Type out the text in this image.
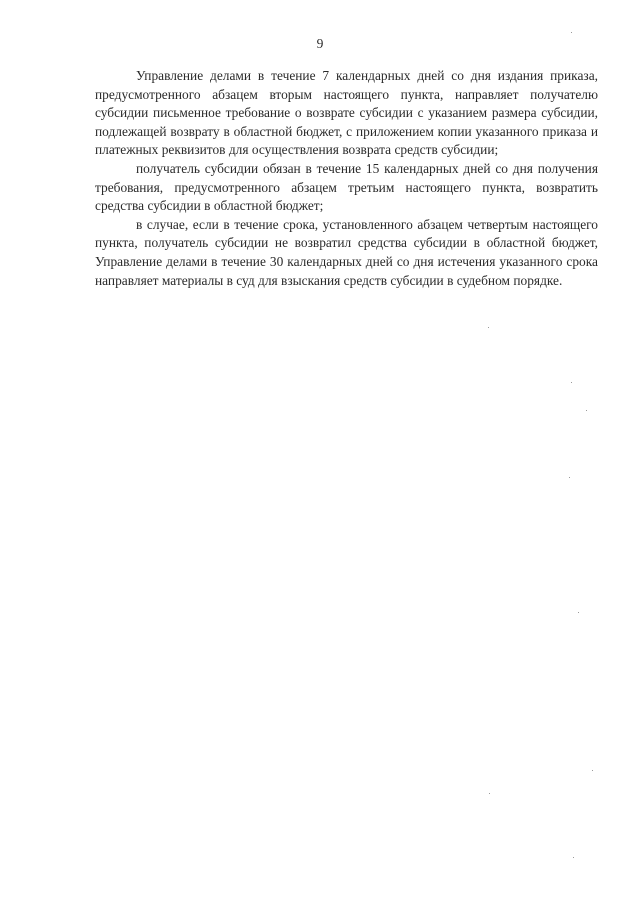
9

Управление делами в течение 7 календарных дней со дня издания приказа, предусмотренного абзацем вторым настоящего пункта, направляет получателю субсидии письменное требование о возврате субсидии с указанием размера субсидии, подлежащей возврату в областной бюджет, с приложением копии указанного приказа и платежных реквизитов для осуществления возврата средств субсидии;

получатель субсидии обязан в течение 15 календарных дней со дня получения требования, предусмотренного абзацем третьим настоящего пункта, возвратить средства субсидии в областной бюджет;

в случае, если в течение срока, установленного абзацем четвертым настоящего пункта, получатель субсидии не возвратил средства субсидии в областной бюджет, Управление делами в течение 30 календарных дней со дня истечения указанного срока направляет материалы в суд для взыскания средств субсидии в судебном порядке.
